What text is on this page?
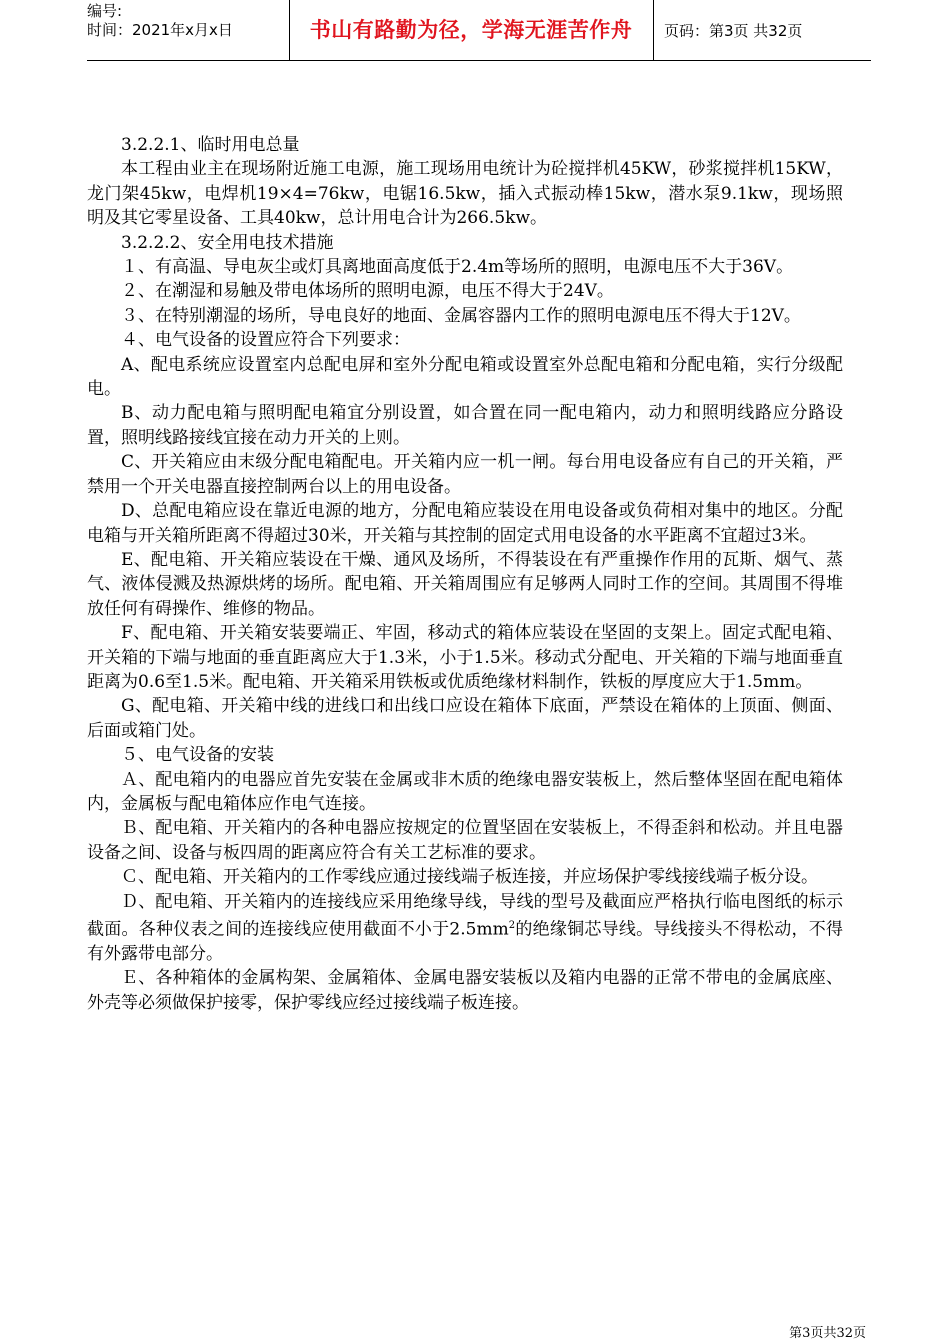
编号:
时间：2021年x月x日	书山有路勤为径，学海无涯苦作舟	页码：第3页 共32页

3.2.2.1、临时用电总量

本工程由业主在现场附近施工电源，施工现场用电统计为砼搅拌机45KW，砂浆搅拌机15KW，龙门架45kw，电焊机19×4=76kw，电锯16.5kw，插入式振动棒15kw，潜水泵9.1kw，现场照明及其它零星设备、工具40kw，总计用电合计为266.5kw。

3.2.2.2、安全用电技术措施

１、有高温、导电灰尘或灯具离地面高度低于2.4m等场所的照明，电源电压不大于36V。

２、在潮湿和易触及带电体场所的照明电源，电压不得大于24V。

３、在特别潮湿的场所，导电良好的地面、金属容器内工作的照明电源电压不得大于12V。

４、电气设备的设置应符合下列要求：

A、配电系统应设置室内总配电屏和室外分配电箱或设置室外总配电箱和分配电箱，实行分级配电。

B、动力配电箱与照明配电箱宜分别设置，如合置在同一配电箱内，动力和照明线路应分路设置，照明线路接线宜接在动力开关的上则。

C、开关箱应由末级分配电箱配电。开关箱内应一机一闸。每台用电设备应有自己的开关箱，严禁用一个开关电器直接控制两台以上的用电设备。

D、总配电箱应设在靠近电源的地方，分配电箱应装设在用电设备或负荷相对集中的地区。分配电箱与开关箱所距离不得超过30米，开关箱与其控制的固定式用电设备的水平距离不宜超过3米。

E、配电箱、开关箱应装设在干燥、通风及场所，不得装设在有严重操作作用的瓦斯、烟气、蒸气、液体侵溅及热源烘烤的场所。配电箱、开关箱周围应有足够两人同时工作的空间。其周围不得堆放任何有碍操作、维修的物品。

F、配电箱、开关箱安装要端正、牢固，移动式的箱体应装设在坚固的支架上。固定式配电箱、开关箱的下端与地面的垂直距离应大于1.3米，小于1.5米。移动式分配电、开关箱的下端与地面垂直距离为0.6至1.5米。配电箱、开关箱采用铁板或优质绝缘材料制作，铁板的厚度应大于1.5mm。

G、配电箱、开关箱中线的进线口和出线口应设在箱体下底面，严禁设在箱体的上顶面、侧面、后面或箱门处。

５、电气设备的安装

Ａ、配电箱内的电器应首先安装在金属或非木质的绝缘电器安装板上，然后整体坚固在配电箱体内，金属板与配电箱体应作电气连接。

Ｂ、配电箱、开关箱内的各种电器应按规定的位置坚固在安装板上，不得歪斜和松动。并且电器设备之间、设备与板四周的距离应符合有关工艺标准的要求。

Ｃ、配电箱、开关箱内的工作零线应通过接线端子板连接，并应场保护零线接线端子板分设。

Ｄ、配电箱、开关箱内的连接线应采用绝缘导线，导线的型号及截面应严格执行临电图纸的标示截面。各种仪表之间的连接线应使用截面不小于$2.5mm^2$的绝缘铜芯导线。导线接头不得松动，不得有外露带电部分。

Ｅ、各种箱体的金属构架、金属箱体、金属电器安装板以及箱内电器的正常不带电的金属底座、外壳等必须做保护接零，保护零线应经过接线端子板连接。

第3页共32页
